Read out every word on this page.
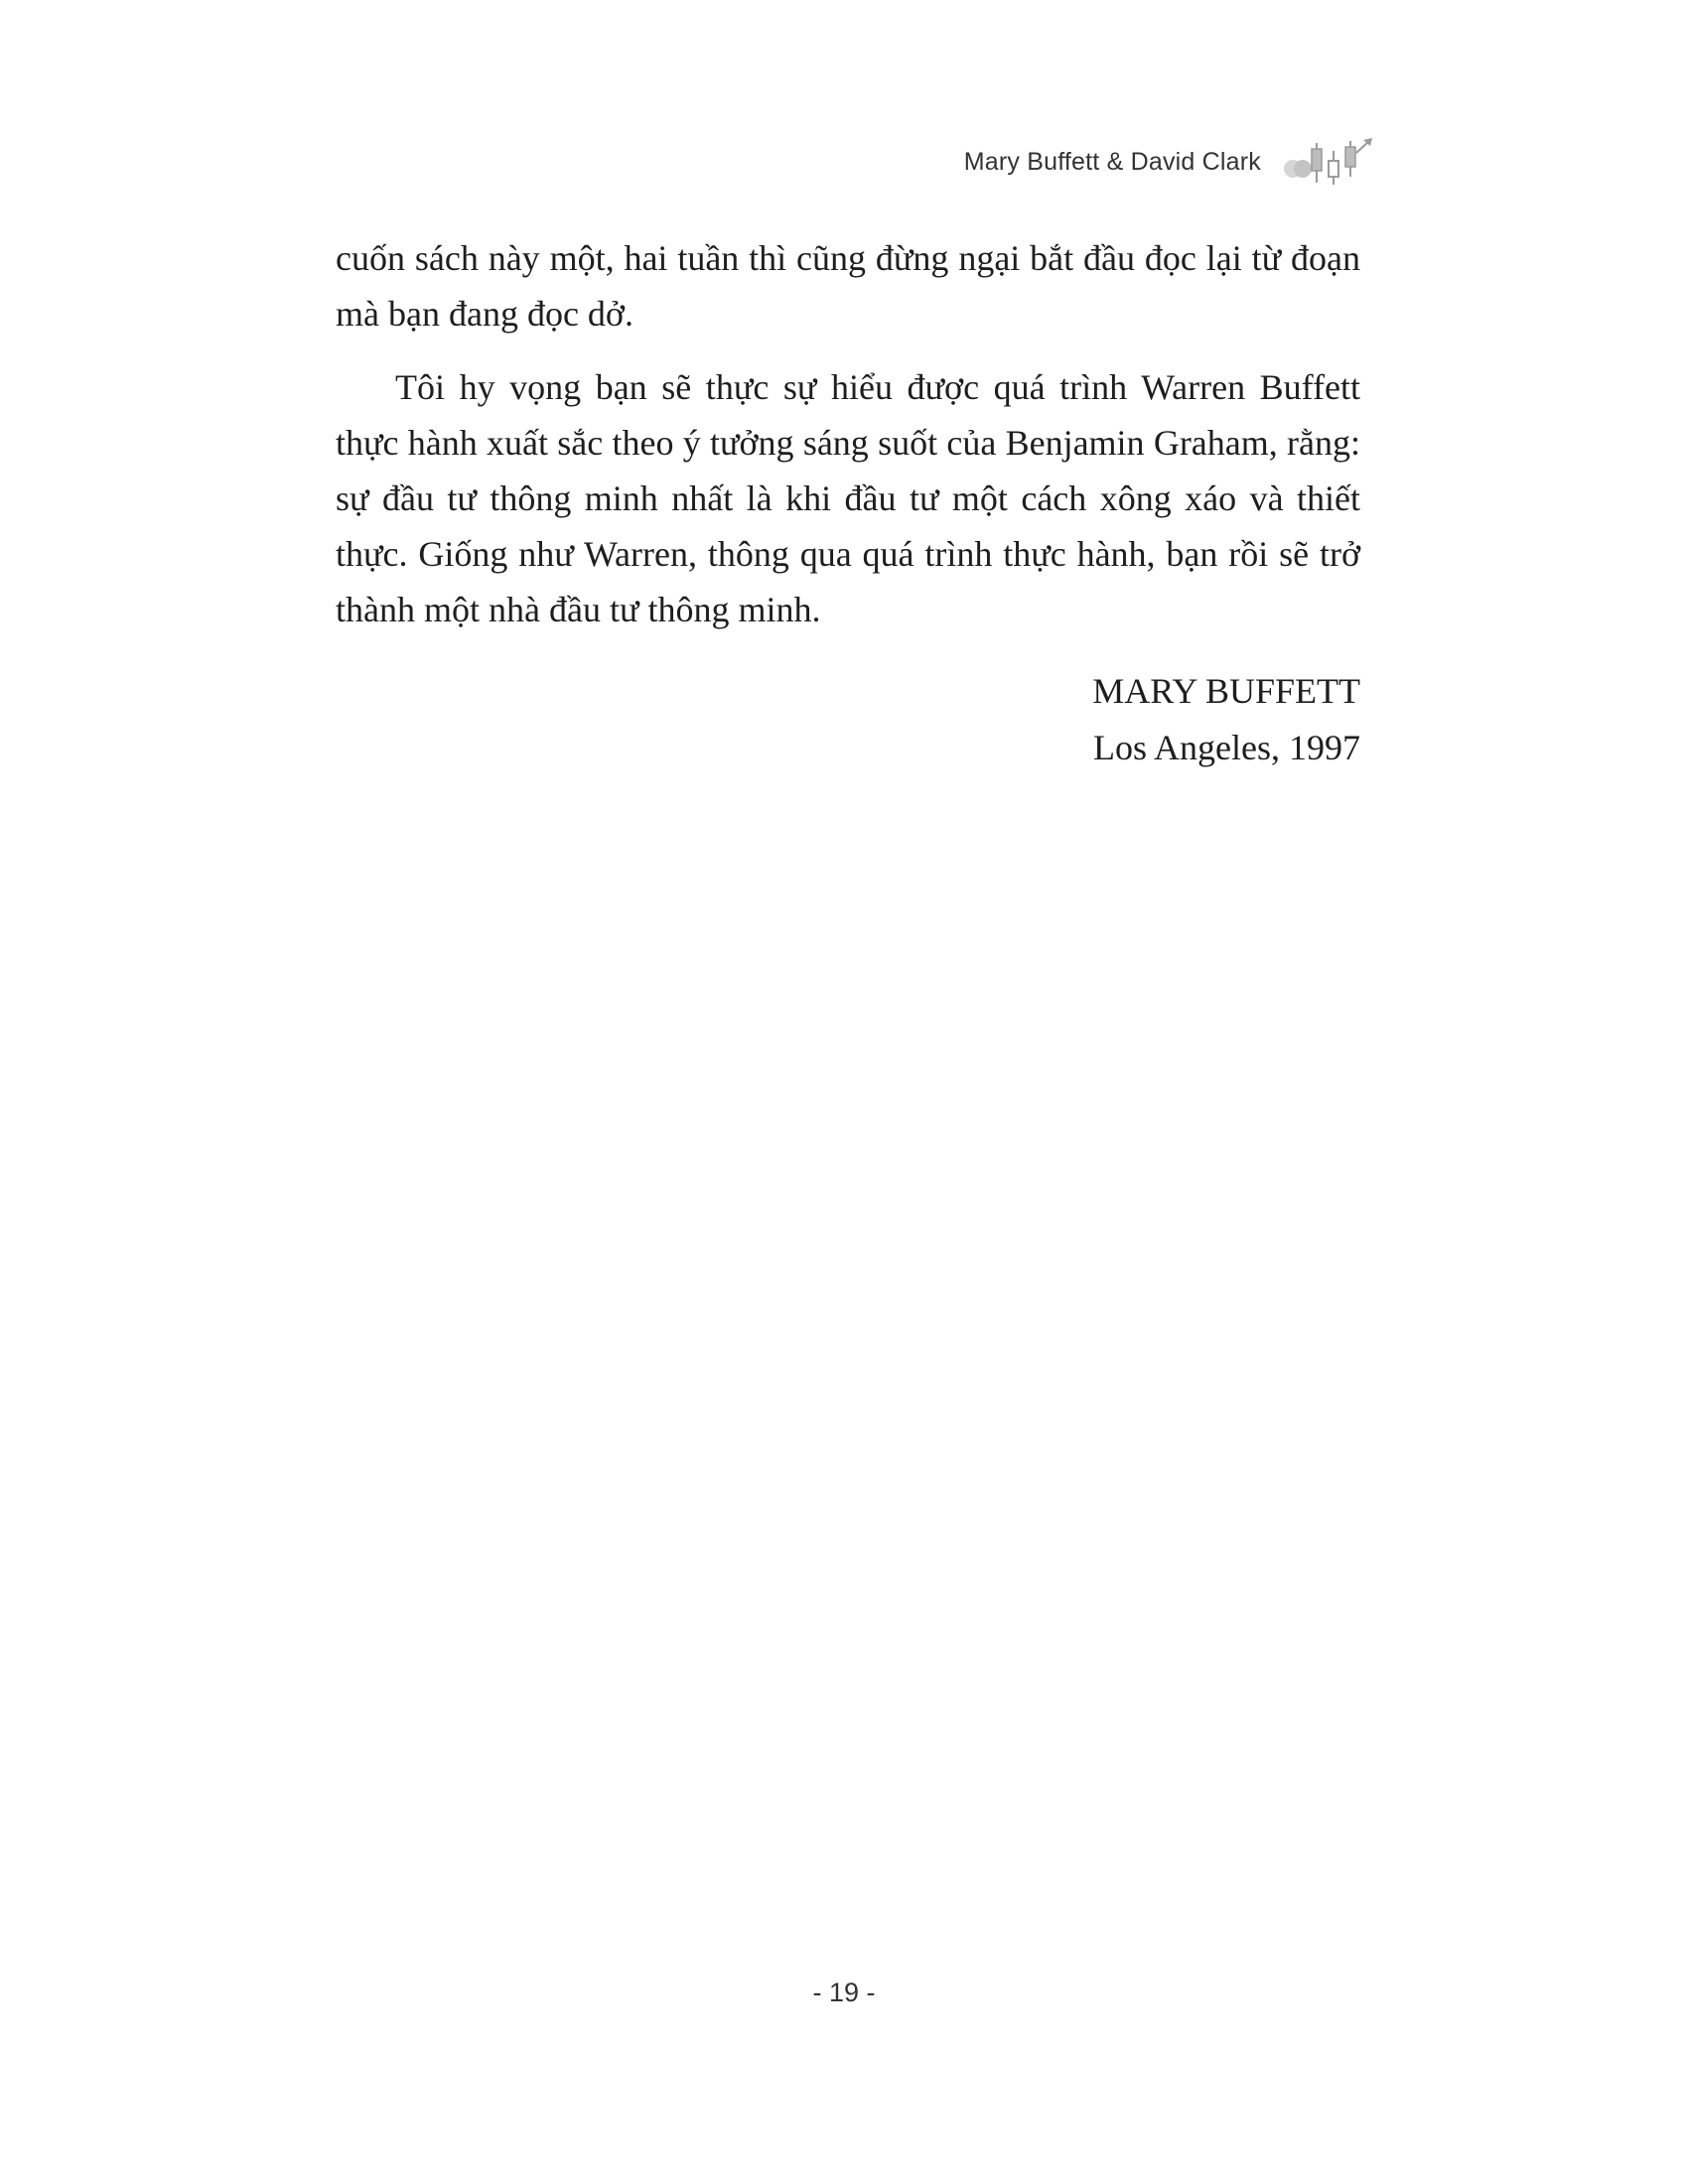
Mary Buffett & David Clark

cuốn sách này một, hai tuần thì cũng đừng ngại bắt đầu đọc lại từ đoạn mà bạn đang đọc dở.

Tôi hy vọng bạn sẽ thực sự hiểu được quá trình Warren Buffett thực hành xuất sắc theo ý tưởng sáng suốt của Benjamin Graham, rằng: sự đầu tư thông minh nhất là khi đầu tư một cách xông xáo và thiết thực. Giống như Warren, thông qua quá trình thực hành, bạn rồi sẽ trở thành một nhà đầu tư thông minh.

MARY BUFFETT
Los Angeles, 1997
- 19 -
